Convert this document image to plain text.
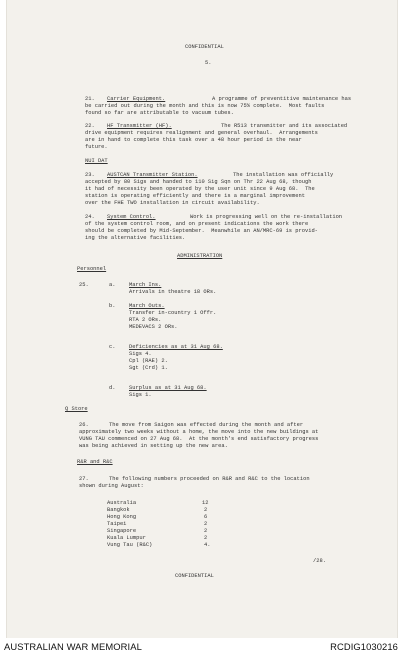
CONFIDENTIAL
5.
21. Carrier Equipment.	A programme of preventitive maintenance has
be carried out during the month and this is now 75% complete.  Most faults
found so far are attributable to vacuum tubes.
22. HF Transmitter (HF).	The R513 transmitter and its associated
drive equipment requires realignment and general overhaul.  Arrangements
are in hand to complete this task over a 48 hour period in the near
future.
NUI DAT
23. AUSTCAN Transmitter Station.	The installation was officially
accepted by 80 Sigs and handed to 110 Sig Sqn on Thr 22 Aug 68, though
it had of necessity been operated by the user unit since 9 Aug 68.  The
station is operating efficiently and there is a marginal improvement
over the FHE TWO installation in circuit availability.
24. System Control.	Work is progressing well on the re-installation
of the system control room, and on present indications the work there
should be completed by Mid-September.  Meanwhile an AN/MRC-69 is provid-
ing the alternative facilities.
ADMINISTRATION
Personnel
25.	a.	March Ins.
Arrivals in theatre 18 ORs.
b.	March Outs.
Transfer in-country 1 Offr.
RTA 2 ORs.
MEDEVACS 2 ORs.
c.	Deficiencies as at 31 Aug 68.
Sigs 4.
Cpl (RAE) 2.
Sgt (Crd) 1.
d.	Surplus as at 31 Aug 68.
Sigs 1.
Q Store
26.	The move from Saigon was effected during the month and after
approximately two weeks without a home, the move into the new buildings at
VUNG TAU commenced on 27 Aug 68.  At the month's end satisfactory progress
was being achieved in setting up the new area.
R&R and R&C
27.	The following numbers proceeded on R&R and R&C to the location
shown during August:
Australia	12
Bangkok	2
Hong Kong	6
Taipei	2
Singapore	2
Kuala Lumpur	2
Vung Tau (R&C)	4.
/28.
CONFIDENTIAL
AUSTRALIAN WAR MEMORIAL	RCDIG1030216
